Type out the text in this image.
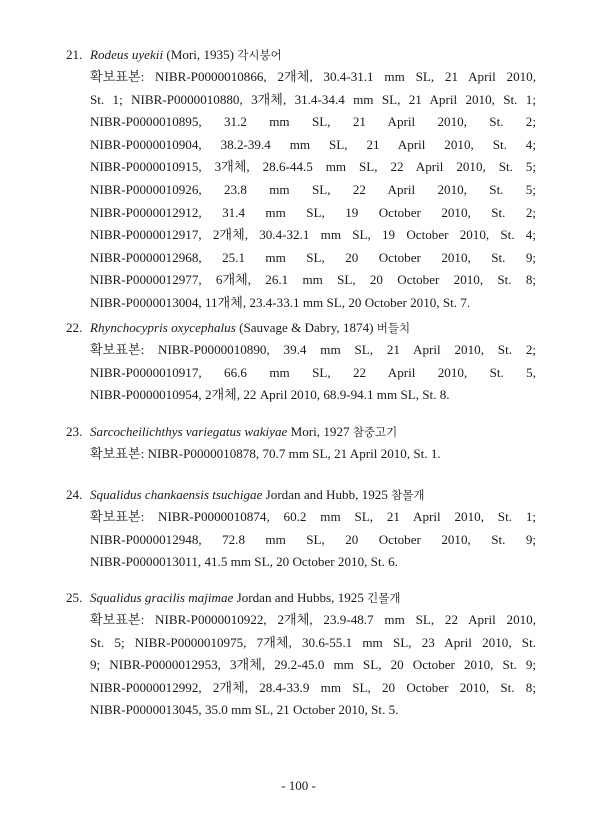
21. Rodeus uyekii (Mori, 1935) 각시붕어
확보표본: NIBR-P0000010866, 2개체, 30.4-31.1 mm SL, 21 April 2010,
St. 1; NIBR-P0000010880, 3개체, 31.4-34.4 mm SL, 21 April 2010, St. 1;
NIBR-P0000010895, 31.2 mm SL, 21 April 2010, St. 2;
NIBR-P0000010904, 38.2-39.4 mm SL, 21 April 2010, St. 4;
NIBR-P0000010915, 3개체, 28.6-44.5 mm SL, 22 April 2010, St. 5;
NIBR-P0000010926, 23.8 mm SL, 22 April 2010, St. 5;
NIBR-P0000012912, 31.4 mm SL, 19 October 2010, St. 2;
NIBR-P0000012917, 2개체, 30.4-32.1 mm SL, 19 October 2010, St. 4;
NIBR-P0000012968, 25.1 mm SL, 20 October 2010, St. 9;
NIBR-P0000012977, 6개체, 26.1 mm SL, 20 October 2010, St. 8;
NIBR-P0000013004, 11개체, 23.4-33.1 mm SL, 20 October 2010, St. 7.
22. Rhynchocypris oxycephalus (Sauvage & Dabry, 1874) 버들치
확보표본: NIBR-P0000010890, 39.4 mm SL, 21 April 2010, St. 2;
NIBR-P0000010917, 66.6 mm SL, 22 April 2010, St. 5,
NIBR-P0000010954, 2개체, 22 April 2010, 68.9-94.1 mm SL, St. 8.
23. Sarcocheilichthys variegatus wakiyae Mori, 1927 참중고기
확보표본: NIBR-P0000010878, 70.7 mm SL, 21 April 2010, St. 1.
24. Squalidus chankaensis tsuchigae Jordan and Hubb, 1925 참몰개
확보표본: NIBR-P0000010874, 60.2 mm SL, 21 April 2010, St. 1;
NIBR-P0000012948, 72.8 mm SL, 20 October 2010, St. 9;
NIBR-P0000013011, 41.5 mm SL, 20 October 2010, St. 6.
25. Squalidus gracilis majimae Jordan and Hubbs, 1925 긴몰개
확보표본: NIBR-P0000010922, 2개체, 23.9-48.7 mm SL, 22 April 2010,
St. 5; NIBR-P0000010975, 7개체, 30.6-55.1 mm SL, 23 April 2010, St.
9; NIBR-P0000012953, 3개체, 29.2-45.0 mm SL, 20 October 2010, St. 9;
NIBR-P0000012992, 2개체, 28.4-33.9 mm SL, 20 October 2010, St. 8;
NIBR-P0000013045, 35.0 mm SL, 21 October 2010, St. 5.
- 100 -
